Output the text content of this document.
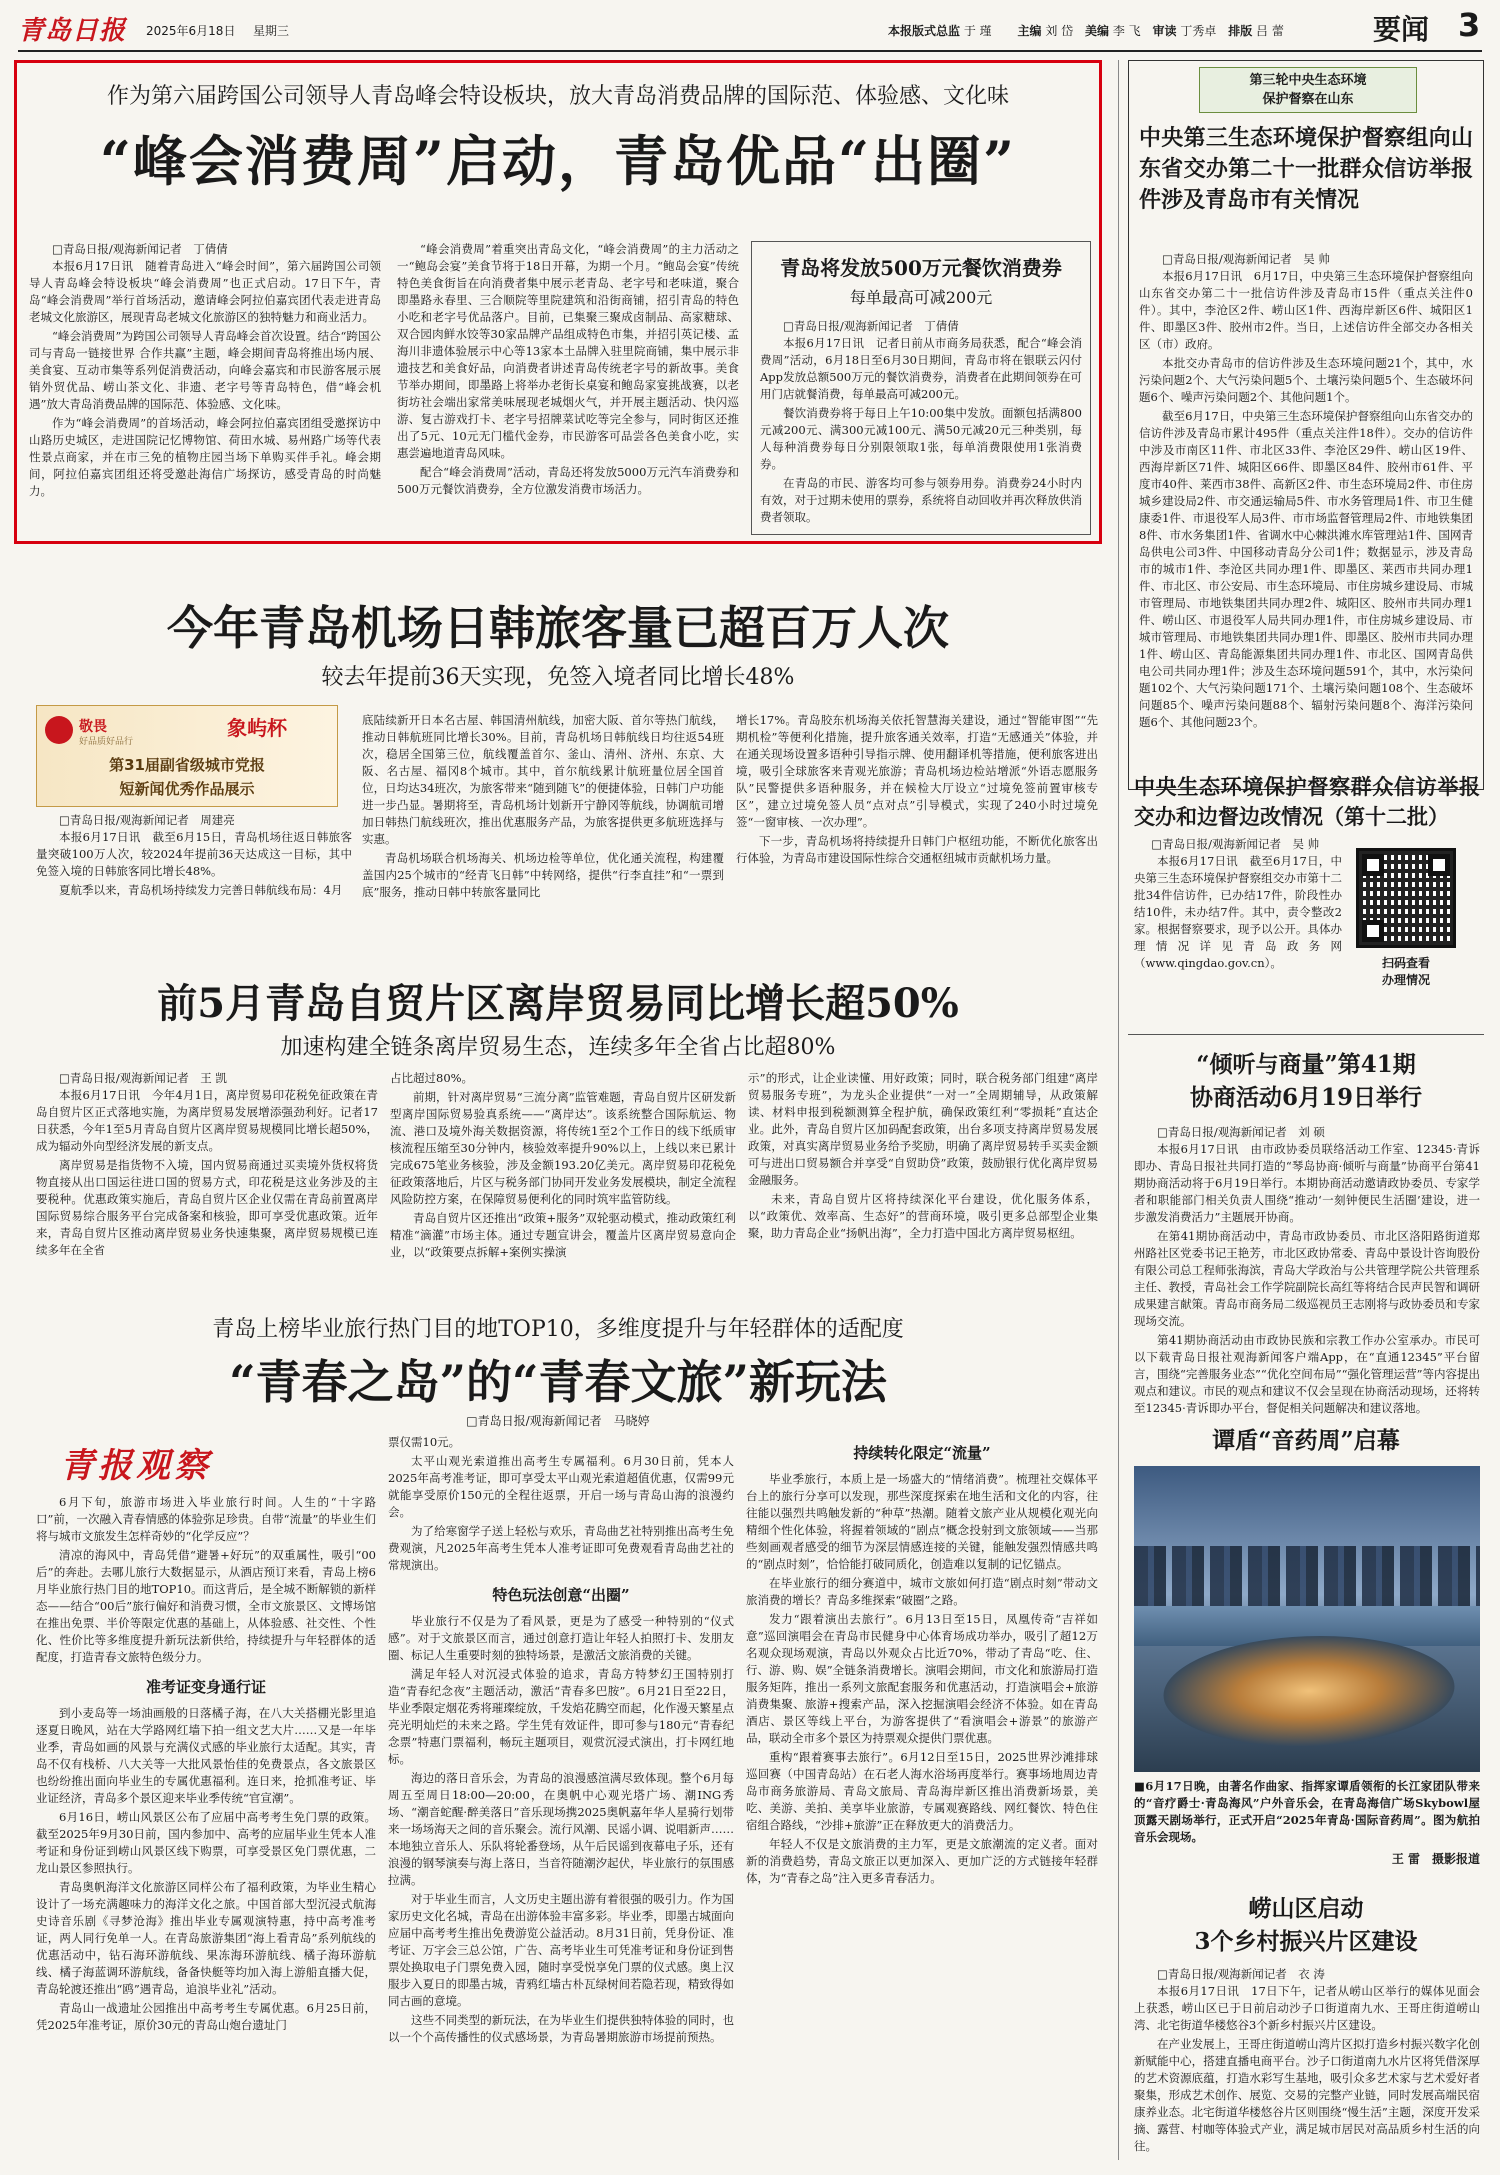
青岛日报 2025年6月18日 星期三	本报版式总监 于 瑾 主编 刘 岱 美编 李 飞 审读 丁秀卓 排版 吕 蕾	要闻 3
作为第六届跨国公司领导人青岛峰会特设板块，放大青岛消费品牌的国际范、体验感、文化味
“峰会消费周”启动，青岛优品“出圈”

□青岛日报/观海新闻记者　丁倩倩

本报6月17日讯　随着青岛进入“峰会时间”，第六届跨国公司领导人青岛峰会特设板块“峰会消费周”也正式启动。17日下午，青岛“峰会消费周”举行首场活动，邀请峰会阿拉伯嘉宾团代表走进青岛老城文化旅游区，展现青岛老城文化旅游区的独特魅力和商业活力。

“峰会消费周”为跨国公司领导人青岛峰会首次设置。结合“跨国公司与青岛一链接世界 合作共赢”主题，峰会期间青岛将推出场内展、美食宴、互动市集等系列促消费活动，向峰会嘉宾和市民游客展示展销外贸优品、崂山茶文化、非遗、老字号等青岛特色，借“峰会机遇”放大青岛消费品牌的国际范、体验感、文化味。

作为“峰会消费周”的首场活动，峰会阿拉伯嘉宾团组受邀探访中山路历史城区，走进国院记忆博物馆、荷田水城、易州路广场等代表性景点商家，并在市三免的植物庄园当场下单购买伴手礼。峰会期间，阿拉伯嘉宾团组还将受邀赴海信广场探访，感受青岛的时尚魅力。

“峰会消费周”着重突出青岛文化，“峰会消费周”的主力活动之一“鲍岛会宴”美食节将于18日开幕，为期一个月。“鲍岛会宴”传统特色美食街旨在向消费者集中展示老青岛、老字号和老味道，聚合即墨路永春里、三合顺院等里院建筑和沿街商铺，招引青岛的特色小吃和老字号优品落户。目前，已集聚三聚成卤制品、高家糖球、双合园肉鲜水饺等30家品牌产品组成特色市集，并招引英记楼、孟海川非遗体验展示中心等13家本土品牌入驻里院商铺，集中展示非遗技艺和美食好品，向消费者讲述青岛传统老字号的新故事。美食节举办期间，即墨路上将举办老街长桌宴和鲍岛家宴挑战赛，以老街坊社会端出家常美味展现老城烟火气，并开展主题活动、快闪巡游、复古游戏打卡、老字号招牌菜试吃等完全参与，同时街区还推出了5元、10元无门槛代金券，市民游客可品尝各色美食小吃，实惠尝遍地道青岛风味。

配合“峰会消费周”活动，青岛还将发放5000万元汽车消费券和500万元餐饮消费券，全方位激发消费市场活力。

青岛将发放500万元餐饮消费券
每单最高可减200元

□青岛日报/观海新闻记者　丁倩倩

本报6月17日讯　记者日前从市商务局获悉，配合“峰会消费周”活动，6月18日至6月30日期间，青岛市将在银联云闪付App发放总额500万元的餐饮消费券，消费者在此期间领券在可用门店就餐消费，每单最高可减200元。

餐饮消费券将于每日上午10:00集中发放。面额包括满800元减200元、满300元减100元、满50元减20元三种类别，每人每种消费券每日分别限领取1张，每单消费限使用1张消费券。

在青岛的市民、游客均可参与领券用券。消费券24小时内有效，对于过期未使用的票券，系统将自动回收并再次释放供消费者领取。

今年青岛机场日韩旅客量已超百万人次
较去年提前36天实现，免签入境者同比增长48%
敬畏
好品质好品行
象屿杯
第31届副省级城市党报
短新闻优秀作品展示

□青岛日报/观海新闻记者　周建亮

本报6月17日讯　截至6月15日，青岛机场往返日韩旅客量突破100万人次，较2024年提前36天达成这一目标，其中免签入境的日韩旅客同比增长48%。

夏航季以来，青岛机场持续发力完善日韩航线布局：4月

底陆续新开日本名古屋、韩国清州航线，加密大阪、首尔等热门航线，推动日韩航班同比增长30%。目前，青岛机场日韩航线日均往返54班次，稳居全国第三位，航线覆盖首尔、釜山、清州、济州、东京、大阪、名古屋、福冈8个城市。其中，首尔航线累计航班量位居全国首位，日均达34班次，为旅客带来“随到随飞”的便捷体验，日韩门户功能进一步凸显。暑期将至，青岛机场计划新开宁静冈等航线，协调航司增加日韩热门航线班次，推出优惠服务产品，为旅客提供更多航班选择与实惠。

青岛机场联合机场海关、机场边检等单位，优化通关流程，构建覆盖国内25个城市的“经青飞日韩”中转网络，提供“行李直挂”和“一票到底”服务，推动日韩中转旅客量同比

增长17%。青岛胶东机场海关依托智慧海关建设，通过“智能审图”“先期机检”等便利化措施，提升旅客通关效率，打造“无感通关”体验，并在通关现场设置多语种引导指示牌、使用翻译机等措施，便利旅客进出境，吸引全球旅客来青观光旅游；青岛机场边检站增派“外语志愿服务队”民警提供多语种服务，并在候检大厅设立“过境免签前置审核专区”，建立过境免签人员“点对点”引导模式，实现了240小时过境免签“一窗审核、一次办理”。

下一步，青岛机场将持续提升日韩门户枢纽功能，不断优化旅客出行体验，为青岛市建设国际性综合交通枢纽城市贡献机场力量。

前5月青岛自贸片区离岸贸易同比增长超50%
加速构建全链条离岸贸易生态，连续多年全省占比超80%

□青岛日报/观海新闻记者　王 凯

本报6月17日讯　今年4月1日，离岸贸易印花税免征政策在青岛自贸片区正式落地实施，为离岸贸易发展增添强劲利好。记者17日获悉，今年1至5月青岛自贸片区离岸贸易规模同比增长超50%，成为辐动外向型经济发展的新支点。

离岸贸易是指货物不入境，国内贸易商通过买卖境外货权将货物直接从出口国运往进口国的贸易方式，印花税是这业务涉及的主要税种。优惠政策实施后，青岛自贸片区企业仅需在青岛前置离岸国际贸易综合服务平台完成备案和核验，即可享受优惠政策。近年来，青岛自贸片区推动离岸贸易业务快速集聚，离岸贸易规模已连续多年在全省

占比超过80%。

前期，针对离岸贸易“三流分离”监管难题，青岛自贸片区研发新型离岸国际贸易验真系统——“离岸达”。该系统整合国际航运、物流、港口及境外海关数据资源，将传统1至2个工作日的线下纸质审核流程压缩至30分钟内，核验效率提升90%以上，上线以来已累计完成675笔业务核验，涉及金额193.20亿美元。离岸贸易印花税免征政策落地后，片区与税务部门协同开发业务发展模块，制定全流程风险防控方案，在保障贸易便利化的同时筑牢监管防线。

青岛自贸片区还推出“政策+服务”双轮驱动模式，推动政策红利精准“滴灌”市场主体。通过专题宣讲会，覆盖片区离岸贸易意向企业，以“政策要点拆解+案例实操演

示”的形式，让企业读懂、用好政策；同时，联合税务部门组建“离岸贸易服务专班”，为龙头企业提供“一对一”全周期辅导，从政策解读、材料申报到税额测算全程护航，确保政策红利“零损耗”直达企业。此外，青岛自贸片区加码配套政策，出台多项支持离岸贸易发展政策，对真实离岸贸易业务给予奖励，明确了离岸贸易转手买卖金额可与进出口贸易额合并享受“自贸助贷”政策，鼓励银行优化离岸贸易金融服务。

未来，青岛自贸片区将持续深化平台建设，优化服务体系，以“政策优、效率高、生态好”的营商环境，吸引更多总部型企业集聚，助力青岛企业“扬帆出海”，全力打造中国北方离岸贸易枢纽。

青岛上榜毕业旅行热门目的地TOP10，多维度提升与年轻群体的适配度
“青春之岛”的“青春文旅”新玩法
□青岛日报/观海新闻记者　马晓婷
青报观察

6月下旬，旅游市场进入毕业旅行时间。人生的“十字路口”前，一次融入青春情感的体验弥足珍贵。自带“流量”的毕业生们将与城市文旅发生怎样奇妙的“化学反应”？

清凉的海风中，青岛凭借“避暑+好玩”的双重属性，吸引“00后”的奔赴。去哪儿旅行大数据显示，从酒店预订来看，青岛上榜6月毕业旅行热门目的地TOP10。而这背后，是全城不断解锁的新样态——结合“00后”旅行偏好和消费习惯，全市文旅景区、文博场馆在推出免票、半价等限定优惠的基础上，从体验感、社交性、个性化、性价比等多维度提升新玩法新供给，持续提升与年轻群体的适配度，打造青春文旅特色级分力。

准考证变身通行证

到小麦岛等一场油画般的日落橘子海，在八大关搭棚光影里追逐夏日晚风，站在大学路网红墙下拍一组文艺大片……又是一年毕业季，青岛如画的风景与充满仪式感的毕业旅行太适配。其实，青岛不仅有栈桥、八大关等一大批风景怡佳的免费景点，各文旅景区也纷纷推出面向毕业生的专属优惠福利。连日来，抢抓准考证、毕业证经济，青岛多个景区迎来毕业季传统“官宣潮”。

6月16日，崂山风景区公布了应届中高考考生免门票的政策。截至2025年9月30日前，国内参加中、高考的应届毕业生凭本人准考证和身份证到崂山风景区线下购票，可享受景区免门票优惠，二龙山景区参照执行。

青岛奥帆海洋文化旅游区同样公布了福利政策，为毕业生精心设计了一场充满趣味力的海洋文化之旅。中国首部大型沉浸式航海史诗音乐剧《寻梦沧海》推出毕业专属观演特惠，持中高考准考证，两人同行免单一人。在青岛旅游集团“海上看青岛”系列航线的优惠活动中，钻石海环游航线、果冻海环游航线、橘子海环游航线、橘子海蓝调环游航线，备备快艇等均加入海上游船直播大促，青岛轮渡还推出“鸥”遇青岛，追浪毕业礼”活动。

青岛山一战遗址公园推出中高考考生专属优惠。6月25日前，凭2025年准考证，原价30元的青岛山炮台遗址门

票仅需10元。

太平山观光索道推出高考生专属福利。6月30日前，凭本人2025年高考准考证，即可享受太平山观光索道超值优惠，仅需99元就能享受原价150元的全程往返票，开启一场与青岛山海的浪漫约会。

为了给寒窗学子送上轻松与欢乐，青岛曲艺社特别推出高考生免费观演，凡2025年高考生凭本人准考证即可免费观看青岛曲艺社的常规演出。

特色玩法创意“出圈”

毕业旅行不仅是为了看风景，更是为了感受一种特别的“仪式感”。对于文旅景区而言，通过创意打造让年轻人拍照打卡、发朋友圈、标记人生重要时刻的独特场景，是激活文旅消费的关键。

满足年轻人对沉浸式体验的追求，青岛方特梦幻王国特别打造“青春纪念夜”主题活动，激活“青春多巴胺”。6月21日至22日，毕业季限定烟花秀将璀璨绽放，千发焰花腾空而起，化作漫天繁星点亮光明灿烂的未来之路。学生凭有效证件，即可参与180元“青春纪念票”特惠门票福利，畅玩主题项目，观赏沉浸式演出，打卡网红地标。

海边的落日音乐会，为青岛的浪漫感渲满尽致体现。整个6月每周五至周日18:00—20:00，在奥帆中心观光塔广场、潮ING秀场、“潮音蛇醒·醉美落日”音乐现场携2025奥帆嘉年华人星骑行划带来一场场海天之间的音乐聚会。流行风潮、民谣小调、说唱新声……本地独立音乐人、乐队将轮番登场，从午后民谣到夜幕电子乐，还有浪漫的钢琴演奏与海上落日，当音符随潮汐起伏，毕业旅行的氛围感拉满。

对于毕业生而言，人文历史主题出游有着很强的吸引力。作为国家历史文化名城，青岛在出游体验丰富多彩。毕业季，即墨古城面向应届中高考考生推出免费游览公益活动。8月31日前，凭身份证、准考证、万字会三总公馆，广告、高考毕业生可凭准考证和身份证到售票处换取电子门票免费入园，随时享受悦享免门票的仪式感。奥上汉服步入夏日的即墨古城，青鸦红墙古朴瓦绿树间若隐若现，精致得如同古画的意境。

这些不同类型的新玩法，在为毕业生们提供独特体验的同时，也以一个个高传播性的仪式感场景，为青岛暑期旅游市场提前预热。

持续转化限定“流量”

毕业季旅行，本质上是一场盛大的“情绪消费”。梳理社交媒体平台上的旅行分享可以发现，那些深度探索在地生活和文化的内容，往往能以强烈共鸣触发新的“种草”热潮。随着文旅产业从规模化观光向精细个性化体验，将握着领域的“剧点”概念投射到文旅领域——当那些刻画观者感受的细节为深层情感连接的关键，能触发强烈情感共鸣的“剧点时刻”，恰恰能打破同质化，创造难以复制的记忆锚点。

在毕业旅行的细分赛道中，城市文旅如何打造“剧点时刻”带动文旅消费的增长？青岛多维探索“破圈”之路。

发力“跟着演出去旅行”。6月13日至15日，凤凰传奇“吉祥如意”巡回演唱会在青岛市民健身中心体育场成功举办，吸引了超12万名观众现场观演，青岛以外观众占比近70%，带动了青岛“吃、住、行、游、购、娱”全链条消费增长。演唱会期间，市文化和旅游局打造服务矩阵，推出一系列文旅配套服务和优惠活动，打造演唱会+旅游消费集聚、旅游+搜索产品，深入挖掘演唱会经济不体验。如在青岛酒店、景区等线上平台，为游客提供了“看演唱会+游景”的旅游产品，联动全市多个景区为持票观众提供门票优惠。

重构“跟着赛事去旅行”。6月12日至15日，2025世界沙滩排球巡回赛（中国青岛站）在石老人海水浴场再度举行。赛事场地周边青岛市商务旅游局、青岛文旅局、青岛海岸新区推出消费新场景，美吃、美游、美拍、美享毕业旅游，专属观赛路线、网红餐饮、特色住宿组合路线，“沙排+旅游”正在释放更大的消费活力。

年轻人不仅是文旅消费的主力军，更是文旅潮流的定义者。面对新的消费趋势，青岛文旅正以更加深入、更加广泛的方式链接年轻群体，为“青春之岛”注入更多青春活力。

第三轮中央生态环境
保护督察在山东
中央第三生态环境保护督察组向山东省交办第二十一批群众信访举报件涉及青岛市有关情况

□青岛日报/观海新闻记者　吴 帅

本报6月17日讯　6月17日，中央第三生态环境保护督察组向山东省交办第二十一批信访件涉及青岛市15件（重点关注件0件）。其中，李沧区2件、崂山区1件、西海岸新区6件、城阳区1件、即墨区3件、胶州市2件。当日，上述信访件全部交办各相关区（市）政府。

本批交办青岛市的信访件涉及生态环境问题21个，其中，水污染问题2个、大气污染问题5个、土壤污染问题5个、生态破坏问题6个、噪声污染问题2个、其他问题1个。

截至6月17日，中央第三生态环境保护督察组向山东省交办的信访件涉及青岛市累计495件（重点关注件18件）。交办的信访件中涉及市南区11件、市北区33件、李沧区29件、崂山区19件、西海岸新区71件、城阳区66件、即墨区84件、胶州市61件、平度市40件、莱西市38件、高新区2件、市生态环境局2件、市住房城乡建设局2件、市交通运输局5件、市水务管理局1件、市卫生健康委1件、市退役军人局3件、市市场监督管理局2件、市地铁集团8件、市水务集团1件、省调水中心棘洪滩水库管理站1件、国网青岛供电公司3件、中国移动青岛分公司1件；数据显示，涉及青岛市的城市1件、李沧区共同办理1件、即墨区、莱西市共同办理1件、市北区、市公安局、市生态环境局、市住房城乡建设局、市城市管理局、市地铁集团共同办理2件、城阳区、胶州市共同办理1件、崂山区、市退役军人局共同办理1件，市住房城乡建设局、市城市管理局、市地铁集团共同办理1件、即墨区、胶州市共同办理1件、崂山区、青岛能源集团共同办理1件、市北区、国网青岛供电公司共同办理1件；涉及生态环境问题591个，其中，水污染问题102个、大气污染问题171个、土壤污染问题108个、生态破坏问题85个、噪声污染问题88个、辐射污染问题8个、海洋污染问题6个、其他问题23个。

中央生态环境保护督察群众信访举报交办和边督边改情况（第十二批）

□青岛日报/观海新闻记者　吴 帅

本报6月17日讯　截至6月17日，中央第三生态环境保护督察组交办市第十二批34件信访件，已办结17件，阶段性办结10件，未办结7件。其中，责令整改2家。根据督察要求，现予以公开。具体办理情况详见青岛政务网（www.qingdao.gov.cn）。	扫码查看
办理情况
“倾听与商量”第41期
协商活动6月19日举行

□青岛日报/观海新闻记者　刘 硕

本报6月17日讯　由市政协委员联络活动工作室、12345·青诉即办、青岛日报社共同打造的“琴岛协商·倾听与商量”协商平台第41期协商活动将于6月19日举行。本期协商活动邀请政协委员、专家学者和职能部门相关负责人围绕“推动‘一刻钟便民生活圈’建设，进一步激发消费活力”主题展开协商。

在第41期协商活动中，青岛市政协委员、市北区洛阳路街道郑州路社区党委书记王艳芳，市北区政协常委、青岛中景设计咨询股份有限公司总工程师张海滨，青岛大学政治与公共管理学院公共管理系主任、教授，青岛社会工作学院副院长高红等将结合民声民智和调研成果建言献策。青岛市商务局二级巡视员王志刚将与政协委员和专家现场交流。

第41期协商活动由市政协民族和宗教工作办公室承办。市民可以下载青岛日报社观海新闻客户端App，在“直通12345”平台留言，围绕“完善服务业态”“优化空间布局”“强化管理运营”等内容提出观点和建议。市民的观点和建议不仅会呈现在协商活动现场，还将转至12345·青诉即办平台，督促相关问题解决和建议落地。

谭盾“音药周”启幕

■6月17日晚，由著名作曲家、指挥家谭盾领衔的长江家团队带来的“音疗爵士·青岛海风”户外音乐会，在青岛海信广场Skybowl屋顶露天剧场举行，正式开启“2025年青岛·国际音药周”。图为航拍音乐会现场。

王 雷　摄影报道

崂山区启动
3个乡村振兴片区建设

□青岛日报/观海新闻记者　衣 涛

本报6月17日讯　17日下午，记者从崂山区举行的媒体见面会上获悉，崂山区已于日前启动沙子口街道南九水、王哥庄街道崂山湾、北宅街道华楼悠谷3个新乡村振兴片区建设。

在产业发展上，王哥庄街道崂山湾片区拟打造乡村振兴数字化创新赋能中心，搭建直播电商平台。沙子口街道南九水片区将凭借深厚的艺术资源底蕴，打造水彩写生基地，吸引众多艺术家与艺术爱好者聚集，形成艺术创作、展览、交易的完整产业链，同时发展高端民宿康养业态。北宅街道华楼悠谷片区则围绕“慢生活”主题，深度开发采摘、露营、村咖等体验式产业，满足城市居民对高品质乡村生活的向往。
